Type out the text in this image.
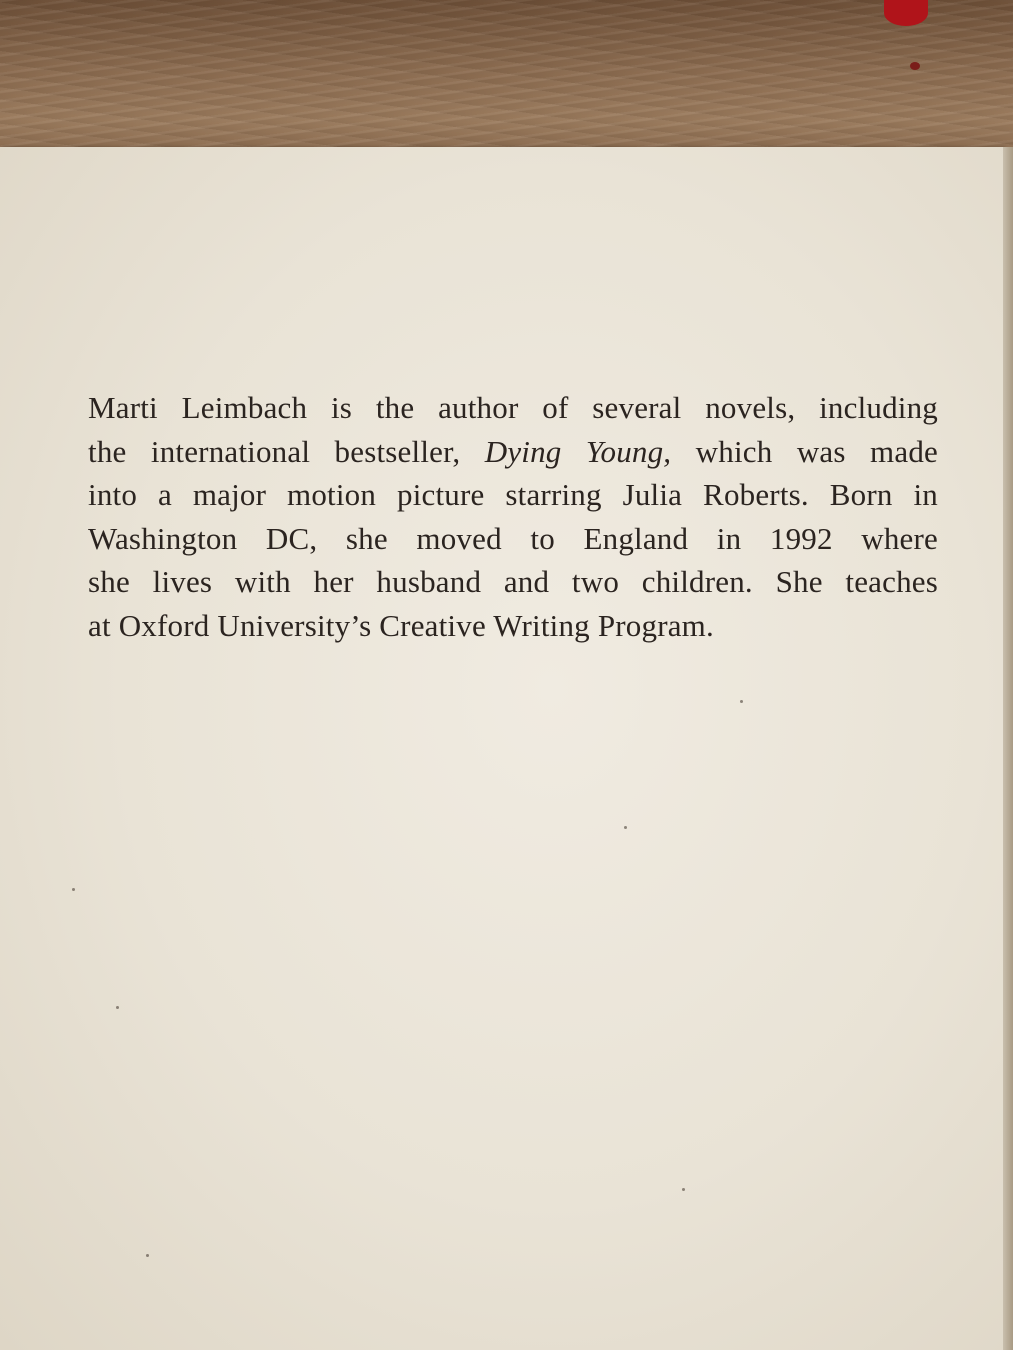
Marti Leimbach is the author of several novels, including
the international bestseller, Dying Young, which was made
into a major motion picture starring Julia Roberts. Born in
Washington DC, she moved to England in 1992 where
she lives with her husband and two children. She teaches
at Oxford University’s Creative Writing Program.
